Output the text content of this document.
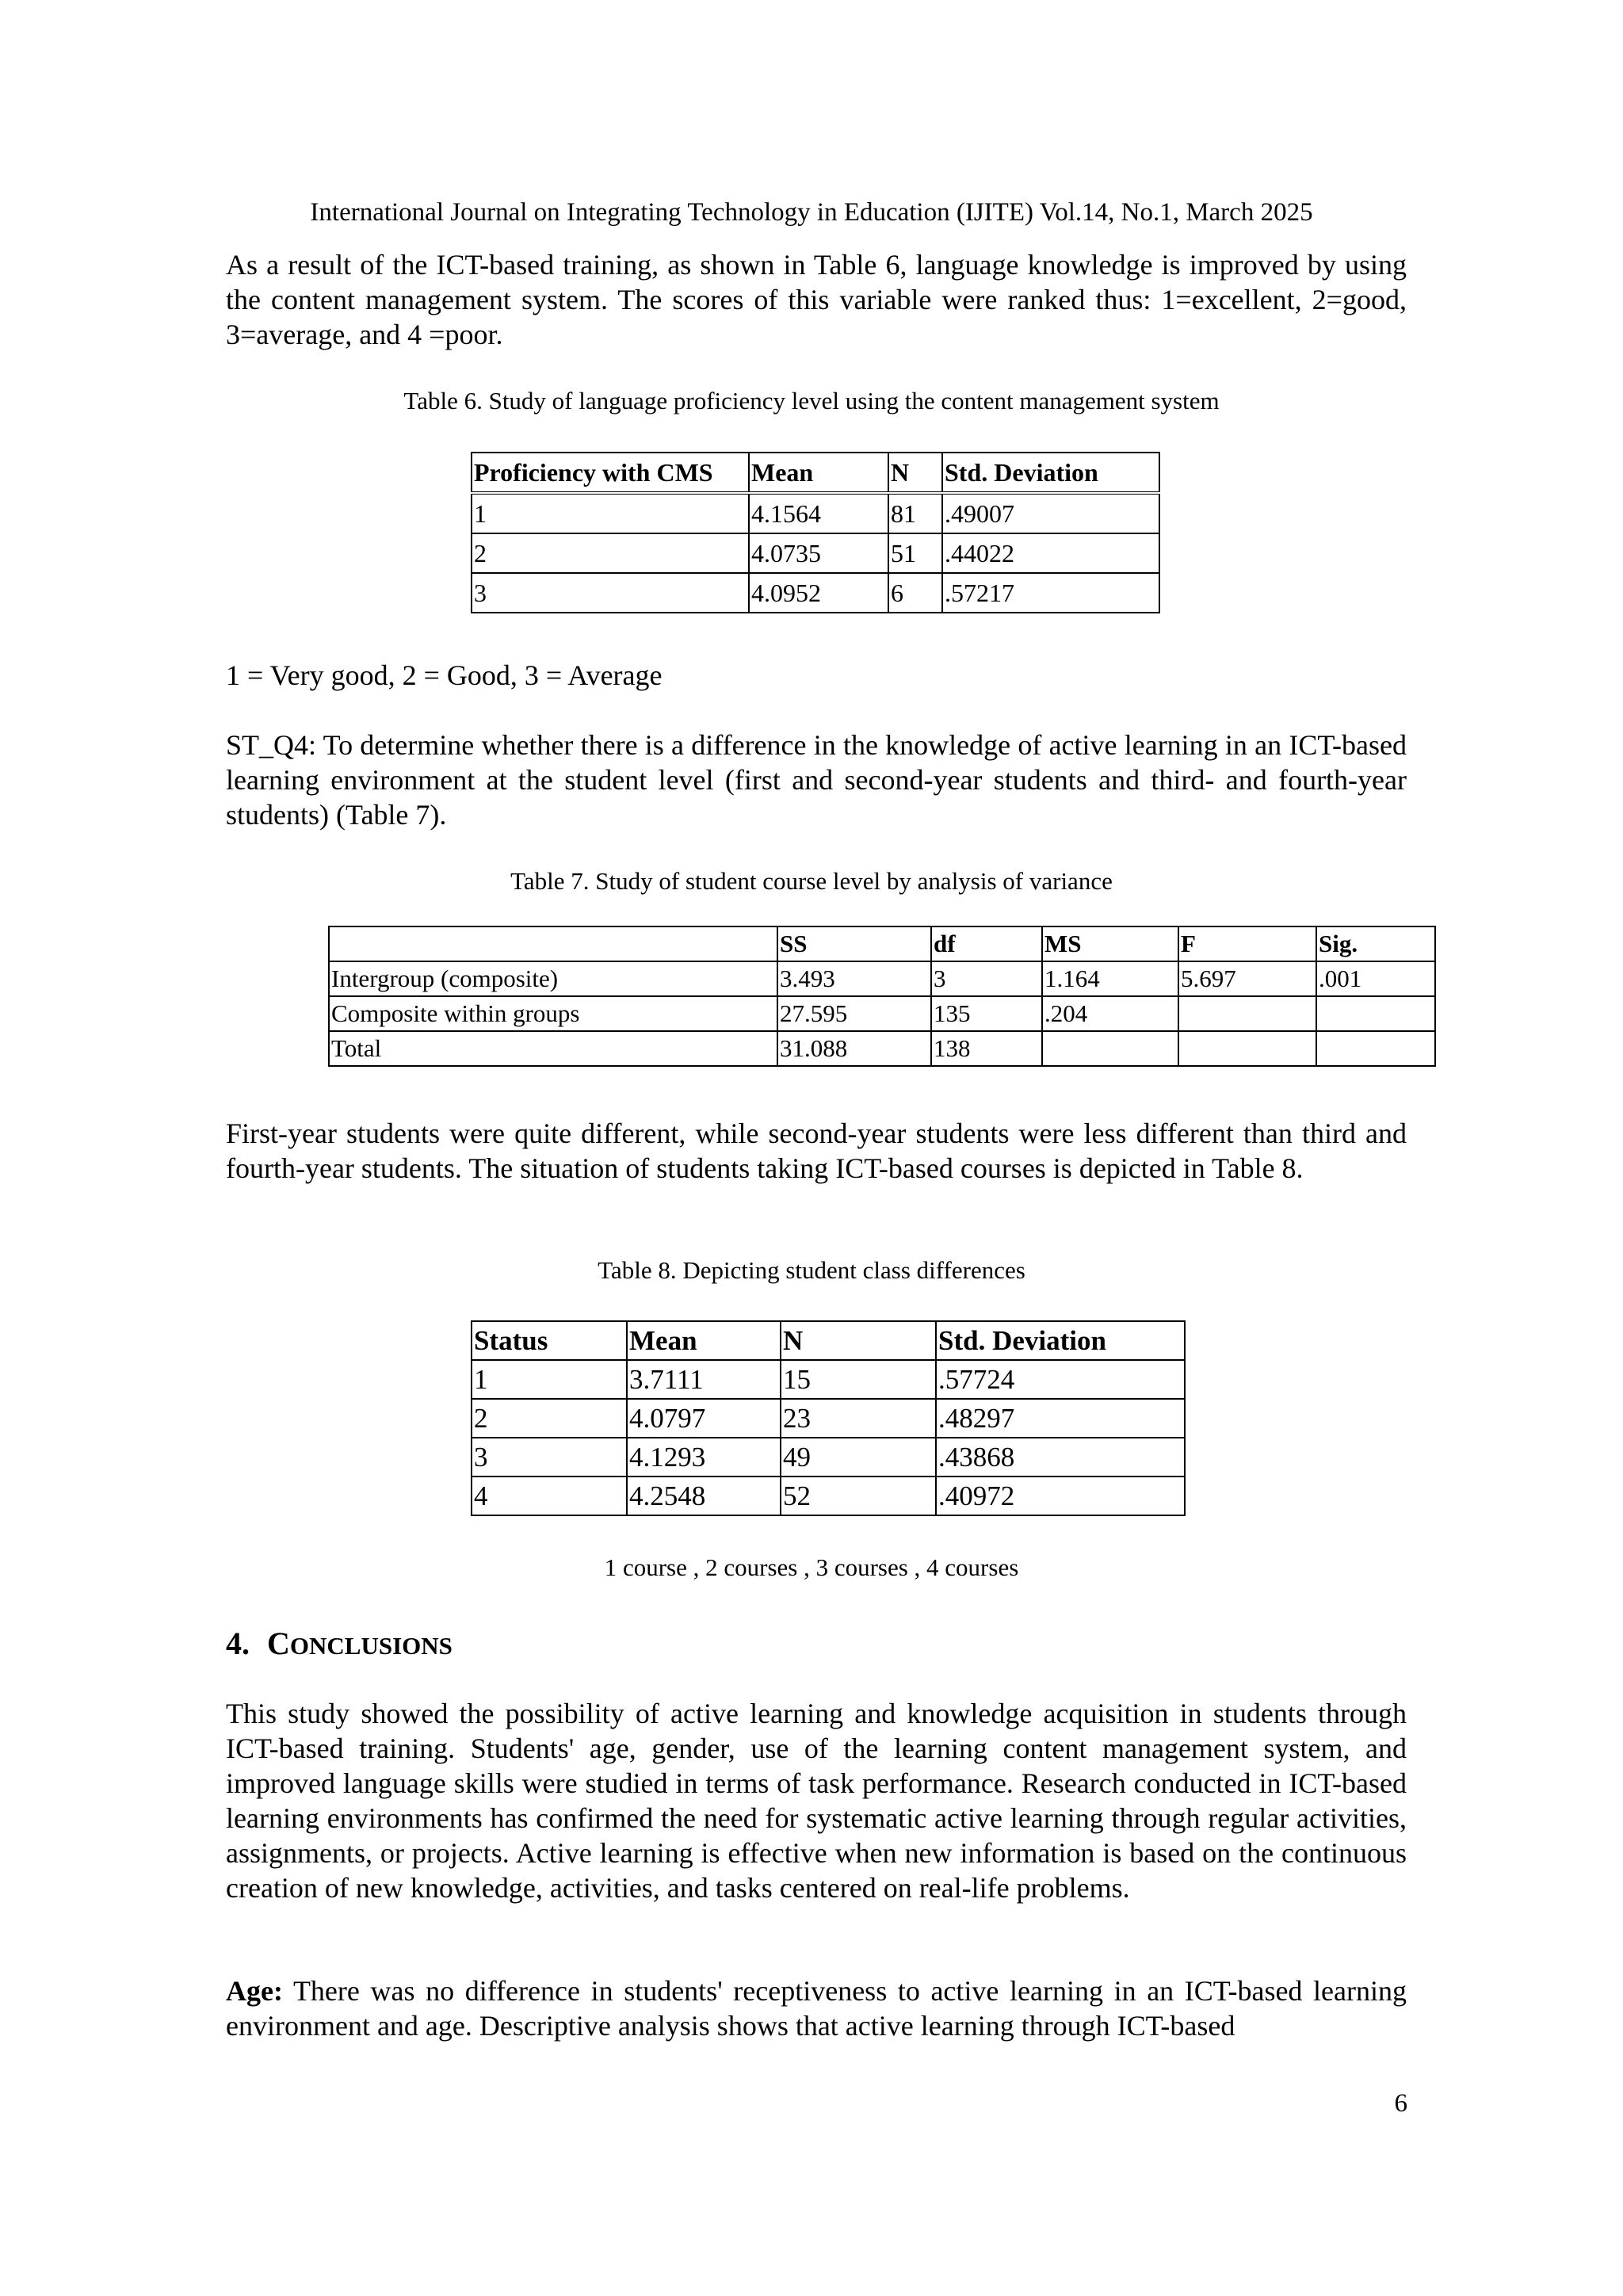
International Journal on Integrating Technology in Education (IJITE) Vol.14, No.1, March 2025

As a result of the ICT-based training, as shown in Table 6, language knowledge is improved by using the content management system. The scores of this variable were ranked thus: 1=excellent, 2=good, 3=average, and 4 =poor.

Table 6. Study of language proficiency level using the content management system
Proficiency with CMS	Mean	N	Std. Deviation
1	4.1564	81	.49007
2	4.0735	51	.44022
3	4.0952	6	.57217
1 = Very good, 2 = Good, 3 = Average

ST_Q4: To determine whether there is a difference in the knowledge of active learning in an ICT-based learning environment at the student level (first and second-year students and third- and fourth-year students) (Table 7).

Table 7. Study of student course level by analysis of variance
	SS	df	MS	F	Sig.
Intergroup (composite)	3.493	3	1.164	5.697	.001
Composite within groups	27.595	135	.204		
Total	31.088	138			

First-year students were quite different, while second-year students were less different than third and fourth-year students. The situation of students taking ICT-based courses is depicted in Table 8.

Table 8. Depicting student class differences
Status	Mean	N	Std. Deviation
1	3.7111	15	.57724
2	4.0797	23	.48297
3	4.1293	49	.43868
4	4.2548	52	.40972
1 course , 2 courses , 3 courses , 4 courses
4. CONCLUSIONS

This study showed the possibility of active learning and knowledge acquisition in students through ICT-based training. Students' age, gender, use of the learning content management system, and improved language skills were studied in terms of task performance. Research conducted in ICT-based learning environments has confirmed the need for systematic active learning through regular activities, assignments, or projects. Active learning is effective when new information is based on the continuous creation of new knowledge, activities, and tasks centered on real-life problems.

Age: There was no difference in students' receptiveness to active learning in an ICT-based learning environment and age. Descriptive analysis shows that active learning through ICT-based

6
